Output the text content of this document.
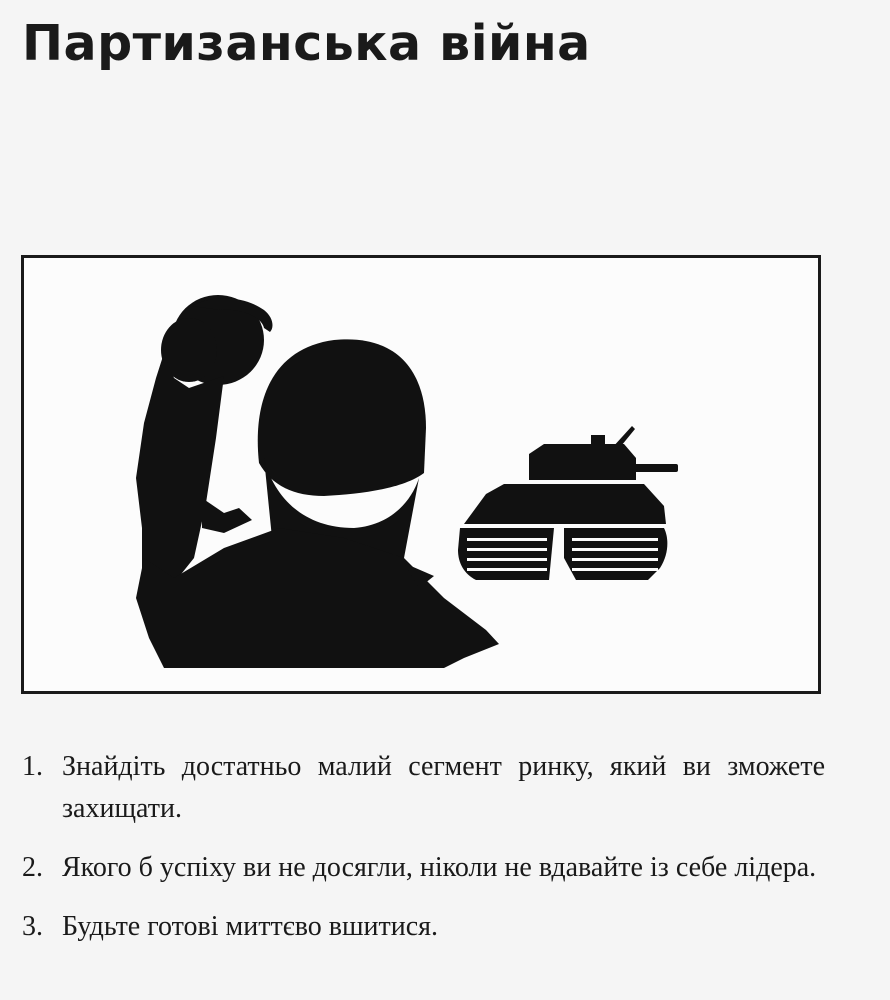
Партизанська війна
1. Знайдіть достатньо малий сегмент ринку, який ви зможете захищати.
2. Якого б успіху ви не досягли, ніколи не вдавайте із себе лідера.
3. Будьте готові миттєво вшитися.
